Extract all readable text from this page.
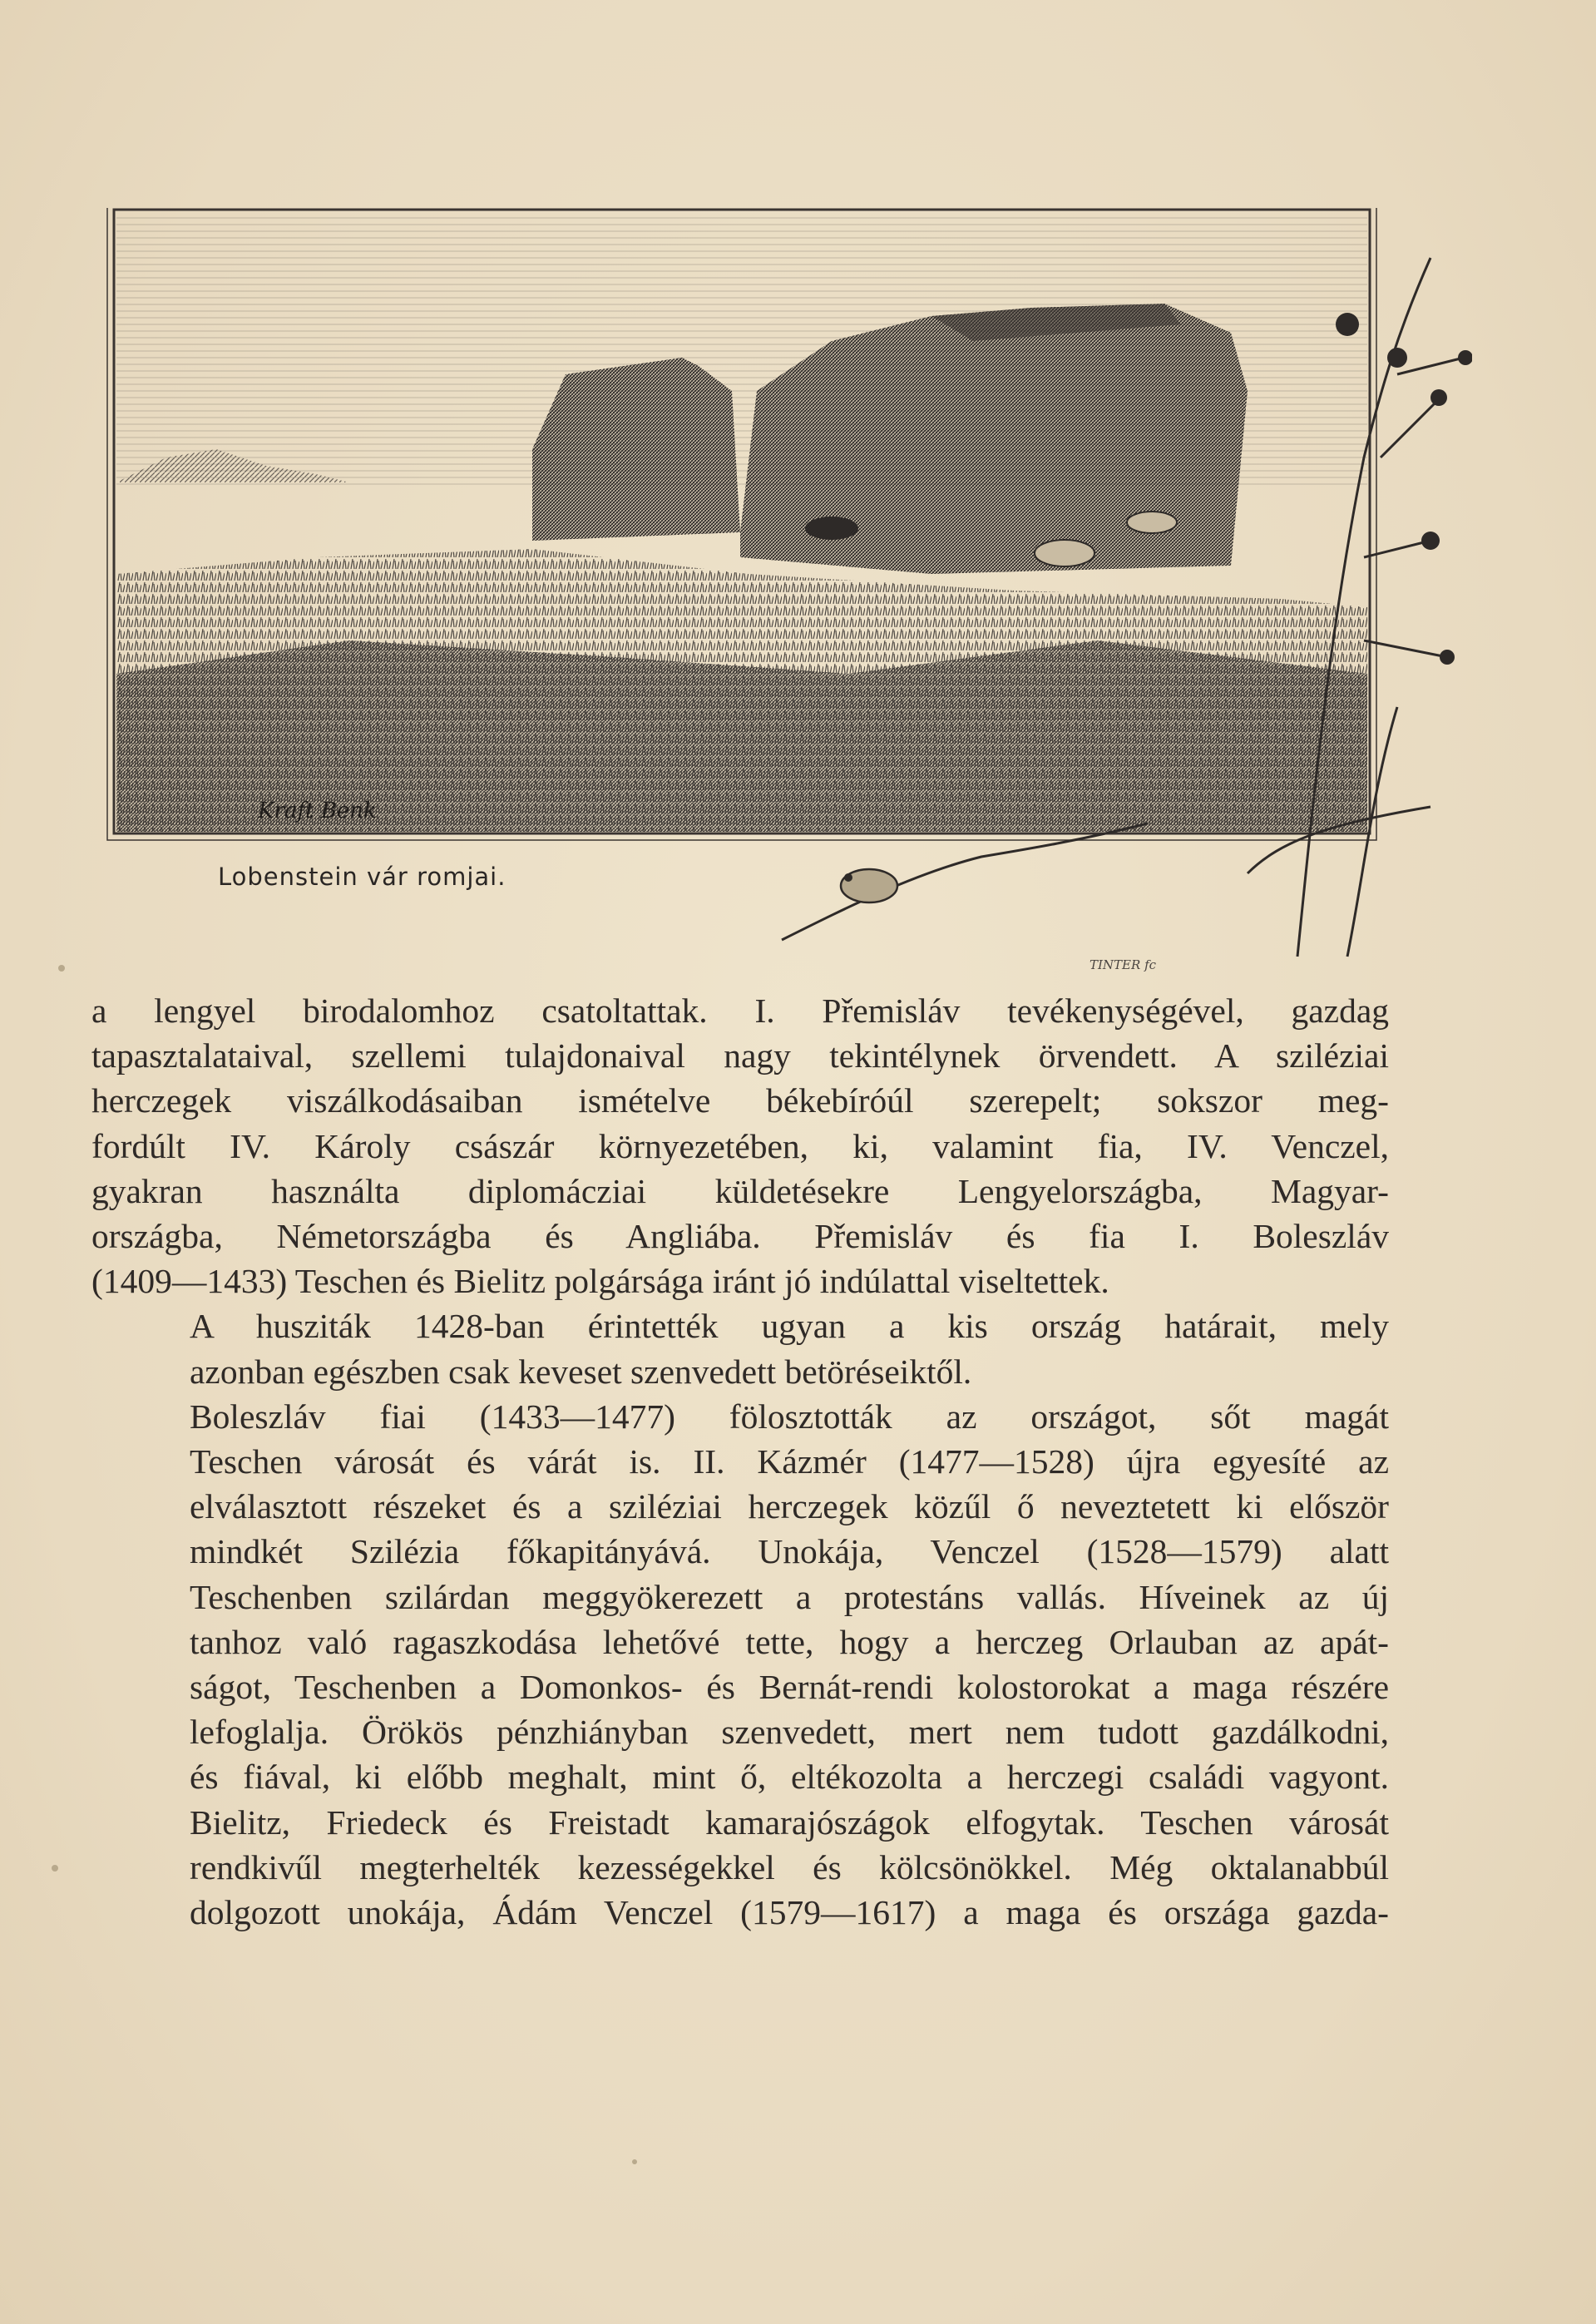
Kraft Benk
TINTER fc
Lobenstein vár romjai.

a lengyel birodalomhoz csatoltattak. I. Přemisláv tevékenységével, gazdag
tapasztalataival, szellemi tulajdonaival nagy tekintélynek örvendett. A sziléziai
herczegek viszálkodásaiban ismételve békebíróúl szerepelt; sokszor meg-
fordúlt IV. Károly császár környezetében, ki, valamint fia, IV. Venczel,
gyakran használta diplomácziai küldetésekre Lengyelországba, Magyar-
országba, Németországba és Angliába. Přemisláv és fia I. Boleszláv
(1409—1433) Teschen és Bielitz polgársága iránt jó indúlattal viseltettek.

A husziták 1428-ban érintették ugyan a kis ország határait, mely
azonban egészben csak keveset szenvedett betöréseiktől.

Boleszláv fiai (1433—1477) fölosztották az országot, sőt magát
Teschen városát és várát is. II. Kázmér (1477—1528) újra egyesíté az
elválasztott részeket és a sziléziai herczegek közűl ő neveztetett ki először
mindkét Szilézia főkapitányává. Unokája, Venczel (1528—1579) alatt
Teschenben szilárdan meggyökerezett a protestáns vallás. Híveinek az új
tanhoz való ragaszkodása lehetővé tette, hogy a herczeg Orlauban az apát-
ságot, Teschenben a Domonkos- és Bernát-rendi kolostorokat a maga részére
lefoglalja. Örökös pénzhiányban szenvedett, mert nem tudott gazdálkodni,
és fiával, ki előbb meghalt, mint ő, eltékozolta a herczegi családi vagyont.
Bielitz, Friedeck és Freistadt kamarajószágok elfogytak. Teschen városát
rendkivűl megterhelték kezességekkel és kölcsönökkel. Még oktalanabbúl
dolgozott unokája, Ádám Venczel (1579—1617) a maga és országa gazda-
